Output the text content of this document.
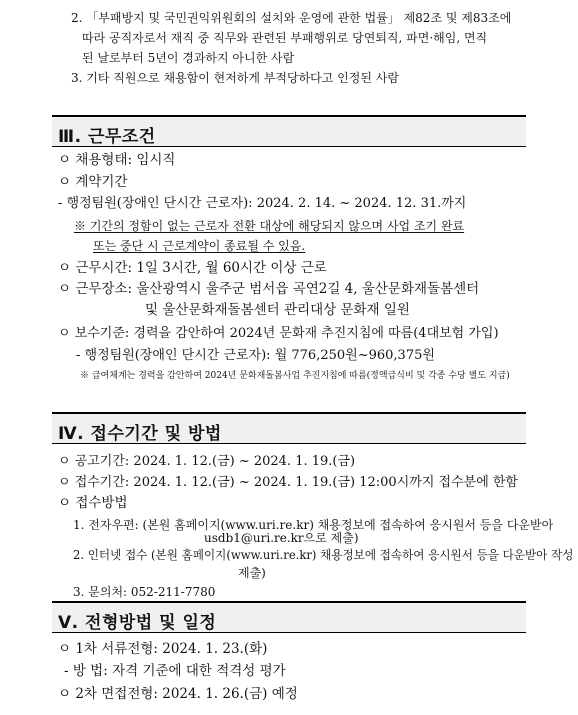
2. 「부패방지 및 국민권익위원회의 설치와 운영에 관한 법률」 제82조 및 제83조에
따라 공직자로서 재직 중 직무와 관련된 부패행위로 당연퇴직, 파면·해임, 면직
된 날로부터 5년이 경과하지 아니한 사람
3. 기타 직원으로 채용함이 현저하게 부적당하다고 인정된 사람
Ⅲ. 근무조건
ㅇ 채용형태: 임시직
ㅇ 계약기간
- 행정팀원(장애인 단시간 근로자): 2024. 2. 14. ~ 2024. 12. 31.까지
※ 기간의 정함이 없는 근로자 전환 대상에 해당되지 않으며 사업 조기 완료
또는 중단 시 근로계약이 종료될 수 있음.
ㅇ 근무시간: 1일 3시간, 월 60시간 이상 근로
ㅇ 근무장소: 울산광역시 울주군 범서읍 곡연2길 4, 울산문화재돌봄센터
및 울산문화재돌봄센터 관리대상 문화재 일원
ㅇ 보수기준: 경력을 감안하여 2024년 문화재 추진지침에 따름(4대보험 가입)
- 행정팀원(장애인 단시간 근로자): 월 776,250원~960,375원
※ 급여체계는 경력을 감안하여 2024년 문화재돌봄사업 추진지침에 따름(정액급식비 및 각종 수당 별도 지급)
Ⅳ. 접수기간 및 방법
ㅇ 공고기간: 2024. 1. 12.(금) ~ 2024. 1. 19.(금)
ㅇ 접수기간: 2024. 1. 12.(금) ~ 2024. 1. 19.(금) 12:00시까지 접수분에 한함
ㅇ 접수방법
1. 전자우편: (본원 홈페이지(www.uri.re.kr) 채용정보에 접속하여 응시원서 등을 다운받아
usdb1@uri.re.kr으로 제출)
2. 인터넷 접수 (본원 홈페이지(www.uri.re.kr) 채용정보에 접속하여 응시원서 등을 다운받아 작성
제출)
3. 문의처: 052-211-7780
Ⅴ. 전형방법 및 일정
ㅇ 1차 서류전형: 2024. 1. 23.(화)
- 방 법: 자격 기준에 대한 적격성 평가
ㅇ 2차 면접전형: 2024. 1. 26.(금) 예정
